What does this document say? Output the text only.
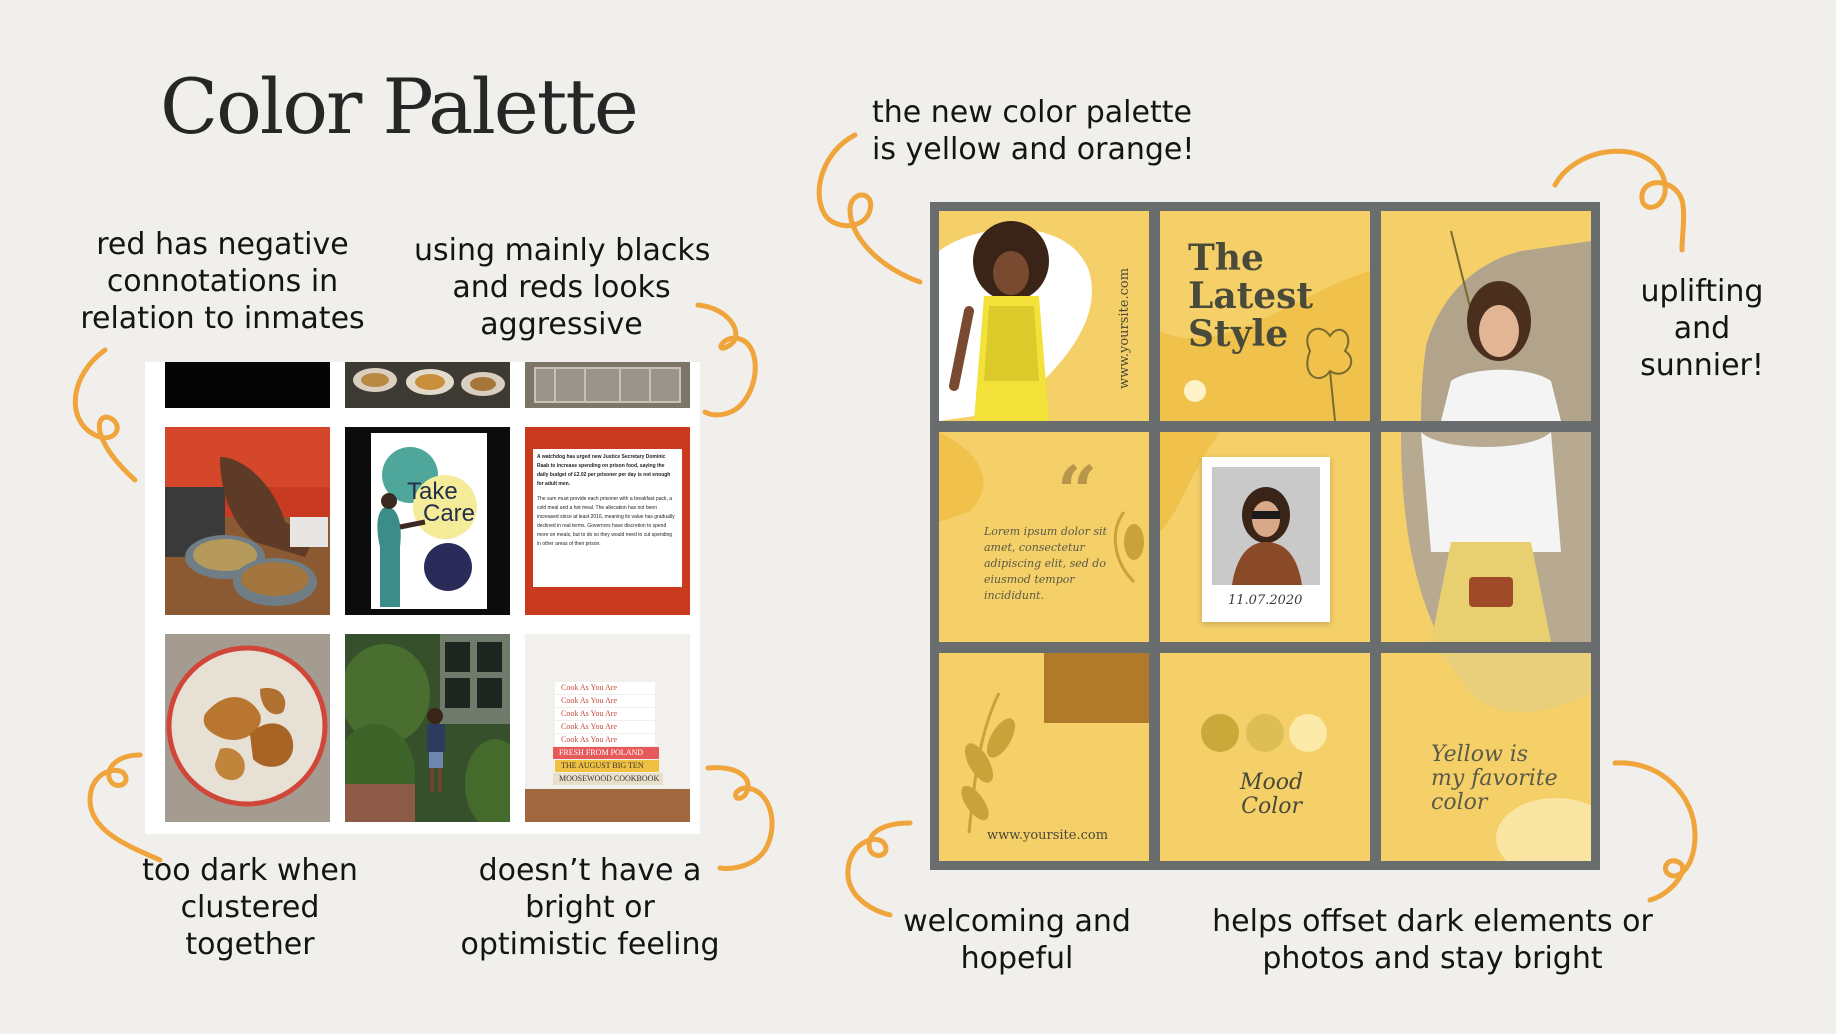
Color Palette
red has negative
connotations in
relation to inmates
using mainly blacks
and reds looks
aggressive
too dark when
clustered
together
doesn’t have a
bright or
optimistic feeling
the new color palette
is yellow and orange!
uplifting
and
sunnier!
welcoming and
hopeful
helps offset dark elements or
photos and stay bright
Take
Care
A watchdog has urged new Justice Secretary Dominic Raab to increase spending on prison food, saying the daily budget of £2.02 per prisoner per day is not enough for adult men.
The sum must provide each prisoner with a breakfast pack, a cold meal and a hot meal. The allocation has not been increased since at least 2016, meaning its value has gradually declined in real terms. Governors have discretion to spend more on meals, but to do so they would need to cut spending in other areas of their prison.
Cook As You Are
Cook As You Are
Cook As You Are
Cook As You Are
Cook As You Are
FRESH FROM POLAND
THE AUGUST BIG TEN
MOOSEWOOD COOKBOOK
www.yoursite.com
The
Latest
Style
“
Lorem ipsum dolor sit
amet, consectetur
adipiscing elit, sed do
eiusmod tempor
incididunt.	11.07.2020
www.yoursite.com
Mood
Color
Yellow is
my favorite
color
